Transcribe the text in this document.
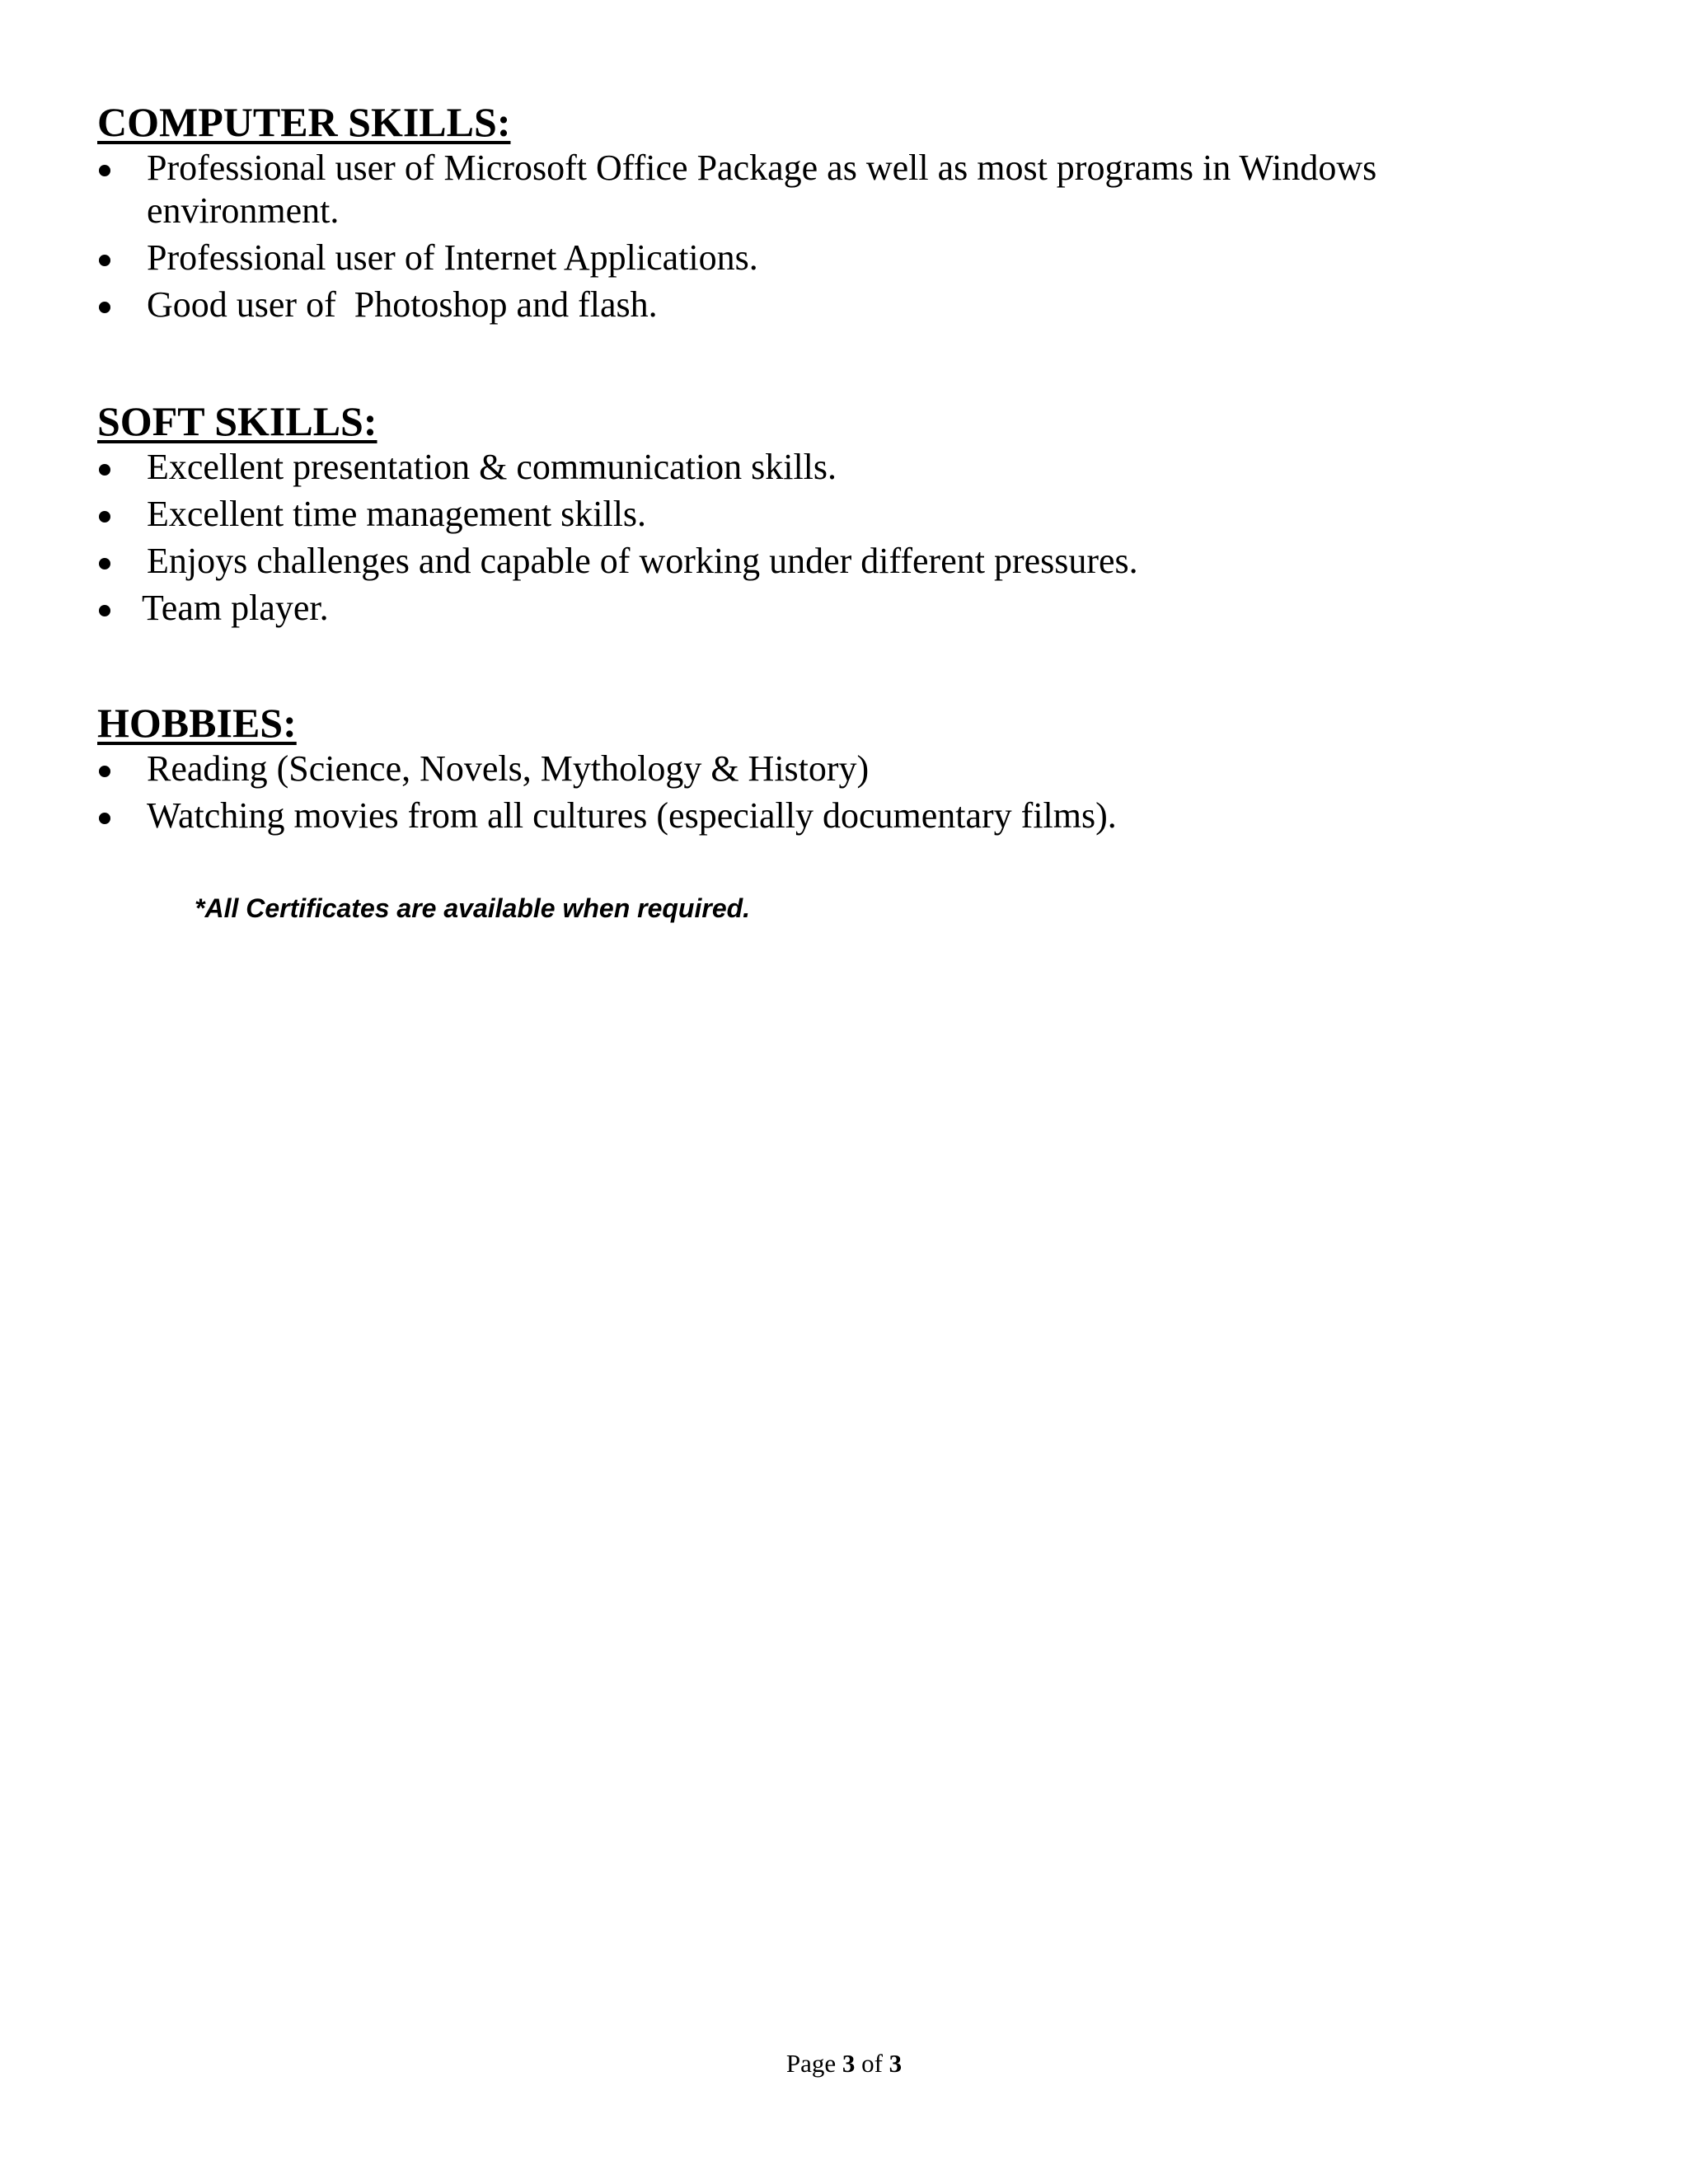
COMPUTER SKILLS:
Professional user of Microsoft Office Package as well as most programs in Windows environment.
Professional user of Internet Applications.
Good user of  Photoshop and flash.
SOFT SKILLS:
Excellent presentation & communication skills.
Excellent time management skills.
Enjoys challenges and capable of working under different pressures.
Team player.
HOBBIES:
Reading (Science, Novels, Mythology & History)
Watching movies from all cultures (especially documentary films).
*All Certificates are available when required.
Page 3 of 3
